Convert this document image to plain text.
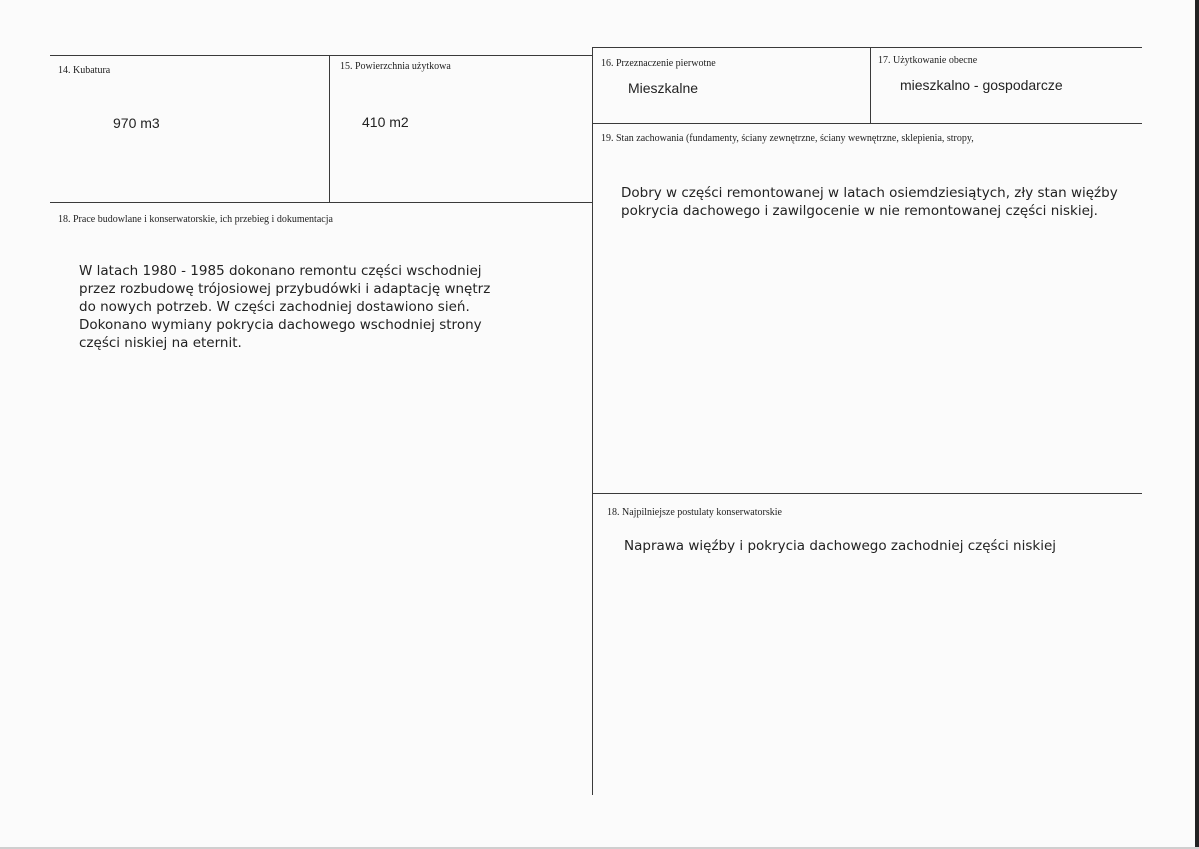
14. Kubatura
970 m3
15. Powierzchnia użytkowa
410 m2
16. Przeznaczenie pierwotne
Mieszkalne
17. Użytkowanie obecne
mieszkalno - gospodarcze
19. Stan zachowania (fundamenty, ściany zewnętrzne, ściany wewnętrzne, sklepienia, stropy,
Dobry w części remontowanej w latach osiemdziesiątych, zły stan więźby
pokrycia dachowego i zawilgocenie w nie remontowanej części niskiej.
18. Prace budowlane i konserwatorskie, ich przebieg i dokumentacja
W latach 1980 - 1985 dokonano remontu części wschodniej
przez rozbudowę trójosiowej przybudówki i adaptację wnętrz
do nowych potrzeb. W części zachodniej dostawiono sień.
Dokonano wymiany pokrycia dachowego wschodniej strony
części niskiej na eternit.
18. Najpilniejsze postulaty konserwatorskie
Naprawa więźby i pokrycia dachowego zachodniej części niskiej
